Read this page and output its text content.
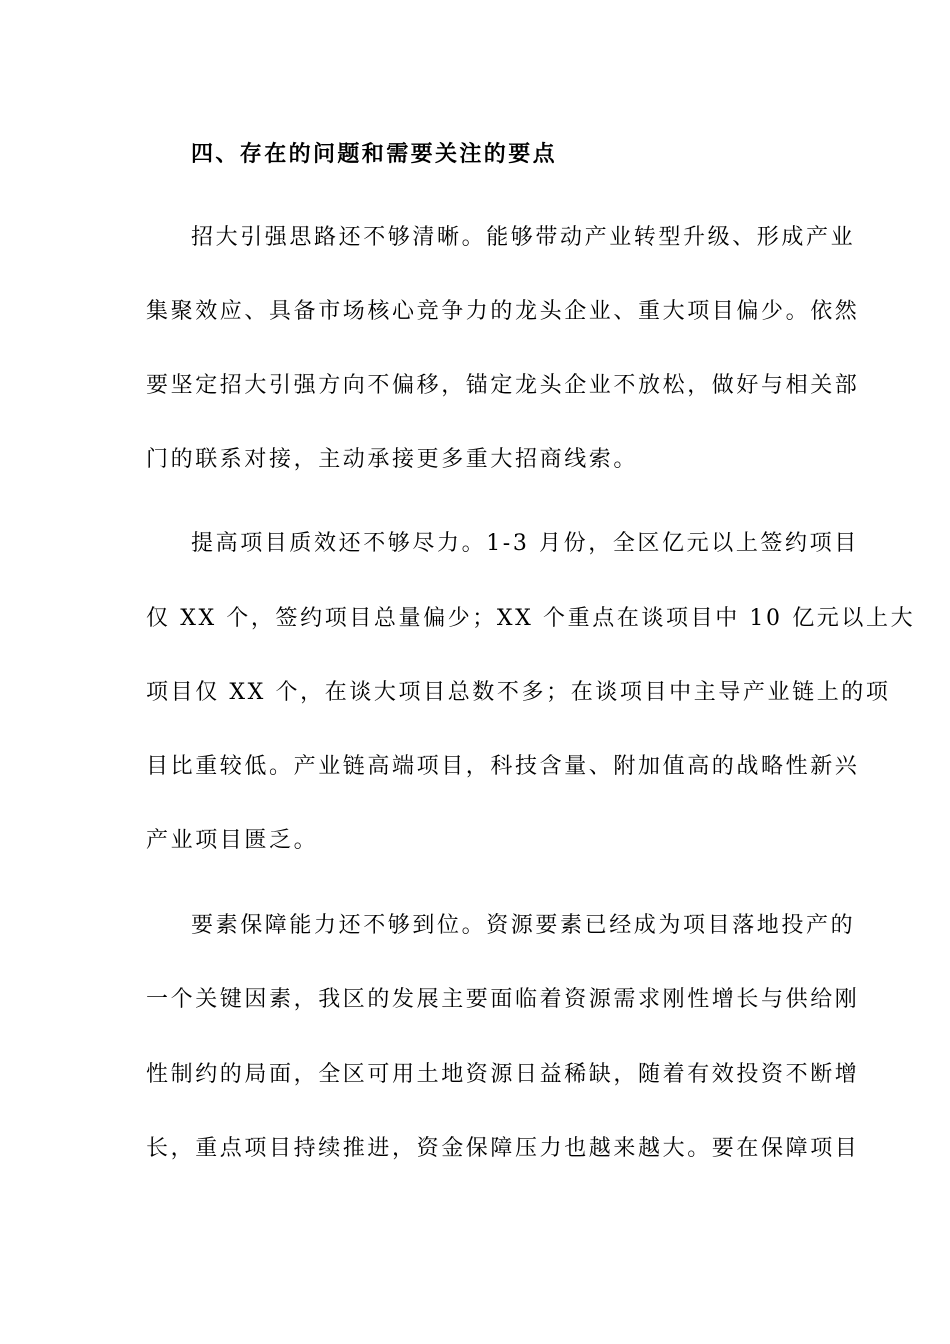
四、存在的问题和需要关注的要点
招大引强思路还不够清晰。能够带动产业转型升级、形成产业
集聚效应、具备市场核心竞争力的龙头企业、重大项目偏少。依然
要坚定招大引强方向不偏移，锚定龙头企业不放松，做好与相关部
门的联系对接，主动承接更多重大招商线索。
提高项目质效还不够尽力。1-3 月份，全区亿元以上签约项目
仅 XX 个，签约项目总量偏少；XX 个重点在谈项目中 10 亿元以上大
项目仅 XX 个，在谈大项目总数不多；在谈项目中主导产业链上的项
目比重较低。产业链高端项目，科技含量、附加值高的战略性新兴
产业项目匮乏。
要素保障能力还不够到位。资源要素已经成为项目落地投产的
一个关键因素，我区的发展主要面临着资源需求刚性增长与供给刚
性制约的局面，全区可用土地资源日益稀缺，随着有效投资不断增
长，重点项目持续推进，资金保障压力也越来越大。要在保障项目
